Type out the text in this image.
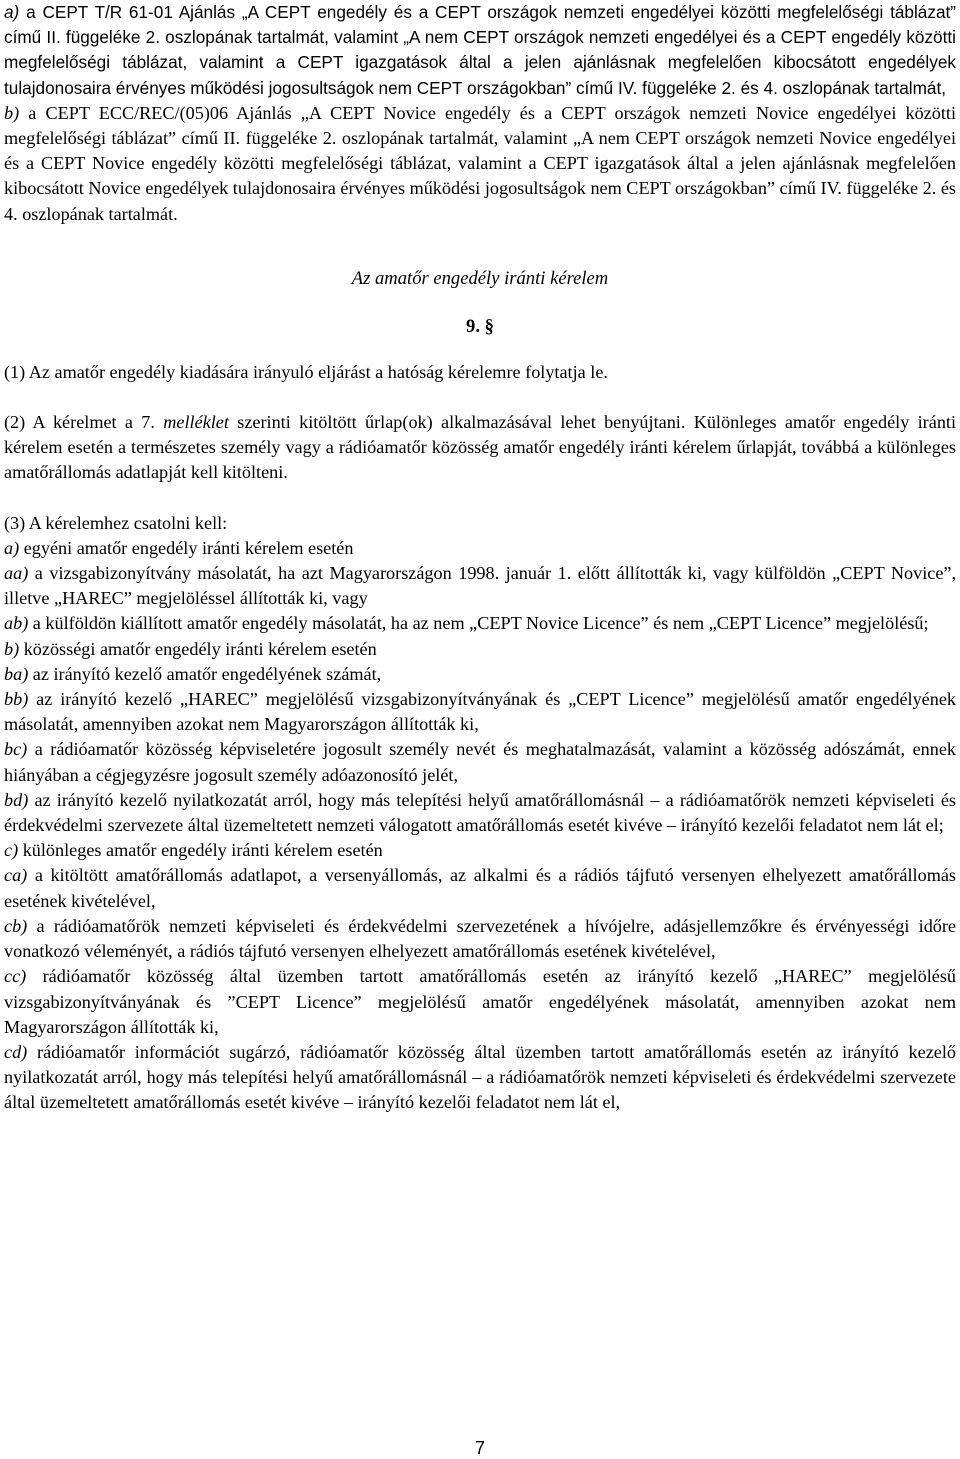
a) a CEPT T/R 61-01 Ajánlás „A CEPT engedély és a CEPT országok nemzeti engedélyei közötti megfelelőségi táblázat” című II. függeléke 2. oszlopának tartalmát, valamint „A nem CEPT országok nemzeti engedélyei és a CEPT engedély közötti megfelelőségi táblázat, valamint a CEPT igazgatások által a jelen ajánlásnak megfelelően kibocsátott engedélyek tulajdonosaira érvényes működési jogosultságok nem CEPT országokban” című IV. függeléke 2. és 4. oszlopának tartalmát,

b) a CEPT ECC/REC/(05)06 Ajánlás „A CEPT Novice engedély és a CEPT országok nemzeti Novice engedélyei közötti megfelelőségi táblázat” című II. függeléke 2. oszlopának tartalmát, valamint „A nem CEPT országok nemzeti Novice engedélyei és a CEPT Novice engedély közötti megfelelőségi táblázat, valamint a CEPT igazgatások által a jelen ajánlásnak megfelelően kibocsátott Novice engedélyek tulajdonosaira érvényes működési jogosultságok nem CEPT országokban” című IV. függeléke 2. és 4. oszlopának tartalmát.

Az amatőr engedély iránti kérelem

9. §

(1) Az amatőr engedély kiadására irányuló eljárást a hatóság kérelemre folytatja le.

(2) A kérelmet a 7. melléklet szerinti kitöltött űrlap(ok) alkalmazásával lehet benyújtani. Különleges amatőr engedély iránti kérelem esetén a természetes személy vagy a rádióamatőr közösség amatőr engedély iránti kérelem űrlapját, továbbá a különleges amatőrállomás adatlapját kell kitölteni.

(3) A kérelemhez csatolni kell:

a) egyéni amatőr engedély iránti kérelem esetén

aa) a vizsgabizonyítvány másolatát, ha azt Magyarországon 1998. január 1. előtt állították ki, vagy külföldön „CEPT Novice”, illetve „HAREC” megjelöléssel állították ki, vagy

ab) a külföldön kiállított amatőr engedély másolatát, ha az nem „CEPT Novice Licence” és nem „CEPT Licence” megjelölésű;

b) közösségi amatőr engedély iránti kérelem esetén

ba) az irányító kezelő amatőr engedélyének számát,

bb) az irányító kezelő „HAREC” megjelölésű vizsgabizonyítványának és „CEPT Licence” megjelölésű amatőr engedélyének másolatát, amennyiben azokat nem Magyarországon állították ki,

bc) a rádióamatőr közösség képviseletére jogosult személy nevét és meghatalmazását, valamint a közösség adószámát, ennek hiányában a cégjegyzésre jogosult személy adóazonosító jelét,

bd) az irányító kezelő nyilatkozatát arról, hogy más telepítési helyű amatőrállomásnál – a rádióamatőrök nemzeti képviseleti és érdekvédelmi szervezete által üzemeltetett nemzeti válogatott amatőrállomás esetét kivéve – irányító kezelői feladatot nem lát el;

c) különleges amatőr engedély iránti kérelem esetén

ca) a kitöltött amatőrállomás adatlapot, a versenyállomás, az alkalmi és a rádiós tájfutó versenyen elhelyezett amatőrállomás esetének kivételével,

cb) a rádióamatőrök nemzeti képviseleti és érdekvédelmi szervezetének a hívójelre, adásjellemzőkre és érvényességi időre vonatkozó véleményét, a rádiós tájfutó versenyen elhelyezett amatőrállomás esetének kivételével,

cc) rádióamatőr közösség által üzemben tartott amatőrállomás esetén az irányító kezelő „HAREC” megjelölésű vizsgabizonyítványának és ”CEPT Licence” megjelölésű amatőr engedélyének másolatát, amennyiben azokat nem Magyarországon állították ki,

cd) rádióamatőr információt sugárzó, rádióamatőr közösség által üzemben tartott amatőrállomás esetén az irányító kezelő nyilatkozatát arról, hogy más telepítési helyű amatőrállomásnál – a rádióamatőrök nemzeti képviseleti és érdekvédelmi szervezete által üzemeltetett amatőrállomás esetét kivéve – irányító kezelői feladatot nem lát el,

7
